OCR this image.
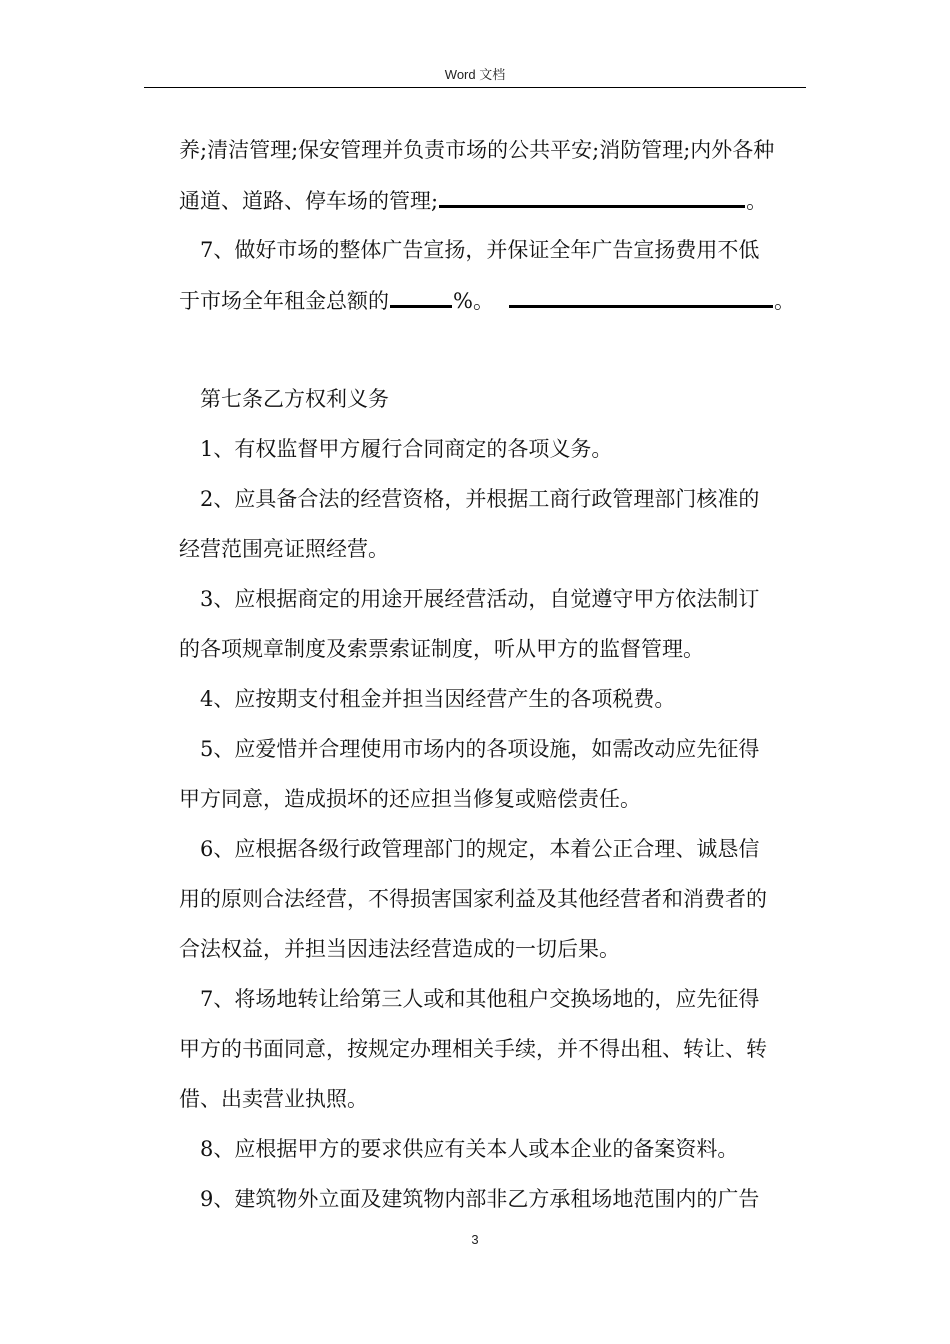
Word 文档
养;清洁管理;保安管理并负责市场的公共平安;消防管理;内外各种
通道、道路、停车场的管理;	。
7、做好市场的整体广告宣扬，并保证全年广告宣扬费用不低
于市场全年租金总额的	%。	。
第七条乙方权利义务
1、有权监督甲方履行合同商定的各项义务。
2、应具备合法的经营资格，并根据工商行政管理部门核准的
经营范围亮证照经营。
3、应根据商定的用途开展经营活动，自觉遵守甲方依法制订
的各项规章制度及索票索证制度，听从甲方的监督管理。
4、应按期支付租金并担当因经营产生的各项税费。
5、应爱惜并合理使用市场内的各项设施，如需改动应先征得
甲方同意，造成损坏的还应担当修复或赔偿责任。
6、应根据各级行政管理部门的规定，本着公正合理、诚恳信
用的原则合法经营，不得损害国家利益及其他经营者和消费者的
合法权益，并担当因违法经营造成的一切后果。
7、将场地转让给第三人或和其他租户交换场地的，应先征得
甲方的书面同意，按规定办理相关手续，并不得出租、转让、转
借、出卖营业执照。
8、应根据甲方的要求供应有关本人或本企业的备案资料。
9、建筑物外立面及建筑物内部非乙方承租场地范围内的广告
3
